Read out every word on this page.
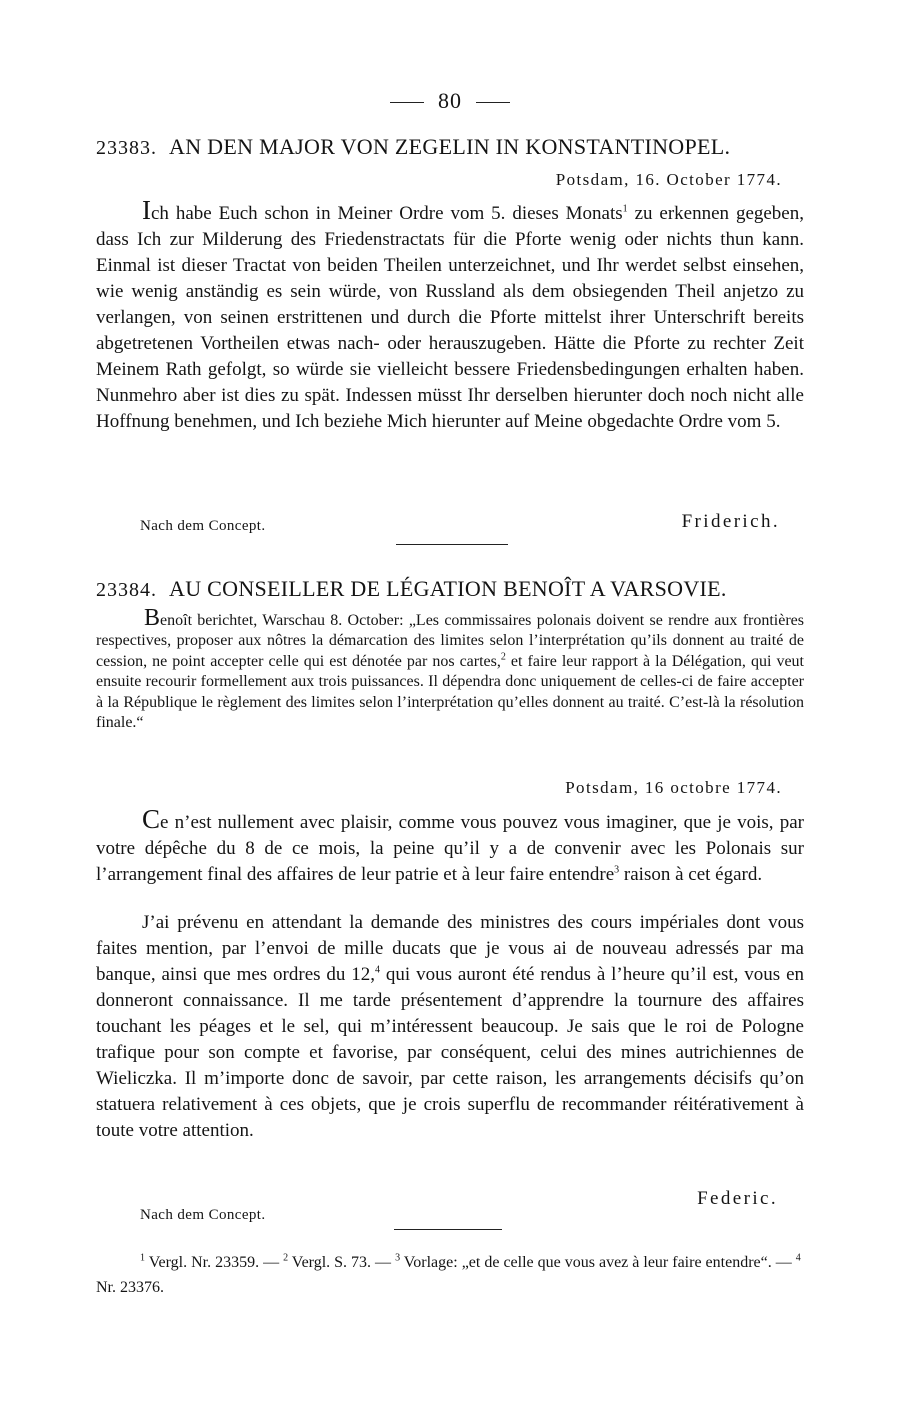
80
23383. AN DEN MAJOR VON ZEGELIN IN KONSTANTINOPEL.
Potsdam, 16. October 1774.

Ich habe Euch schon in Meiner Ordre vom 5. dieses Monats$^1$ zu erkennen gegeben, dass Ich zur Milderung des Friedenstractats für die Pforte wenig oder nichts thun kann. Einmal ist dieser Tractat von beiden Theilen unterzeichnet, und Ihr werdet selbst einsehen, wie wenig anständig es sein würde, von Russland als dem obsiegenden Theil anjetzo zu verlangen, von seinen erstrittenen und durch die Pforte mittelst ihrer Unterschrift bereits abgetretenen Vortheilen etwas nach- oder herauszugeben. Hätte die Pforte zu rechter Zeit Meinem Rath gefolgt, so würde sie vielleicht bessere Friedensbedingungen erhalten haben. Nunmehro aber ist dies zu spät. Indessen müsst Ihr derselben hierunter doch noch nicht alle Hoffnung benehmen, und Ich beziehe Mich hierunter auf Meine obgedachte Ordre vom 5.

Nach dem Concept.	Friderich.
23384. AU CONSEILLER DE LÉGATION BENOÎT A VARSOVIE.

Benoît berichtet, Warschau 8. October: „Les commissaires polonais doivent se rendre aux frontières respectives, proposer aux nôtres la démarcation des limites selon l’interprétation qu’ils donnent au traité de cession, ne point accepter celle qui est dénotée par nos cartes,$^2$ et faire leur rapport à la Délégation, qui veut ensuite recourir formellement aux trois puissances. Il dépendra donc uniquement de celles-ci de faire accepter à la République le règlement des limites selon l’interprétation qu’elles donnent au traité. C’est-là la résolution finale.“

Potsdam, 16 octobre 1774.

Ce n’est nullement avec plaisir, comme vous pouvez vous imaginer, que je vois, par votre dépêche du 8 de ce mois, la peine qu’il y a de convenir avec les Polonais sur l’arrangement final des affaires de leur patrie et à leur faire entendre$^3$ raison à cet égard.

J’ai prévenu en attendant la demande des ministres des cours impériales dont vous faites mention, par l’envoi de mille ducats que je vous ai de nouveau adressés par ma banque, ainsi que mes ordres du 12,$^4$ qui vous auront été rendus à l’heure qu’il est, vous en donneront connaissance. Il me tarde présentement d’apprendre la tournure des affaires touchant les péages et le sel, qui m’intéressent beaucoup. Je sais que le roi de Pologne trafique pour son compte et favorise, par conséquent, celui des mines autrichiennes de Wieliczka. Il m’importe donc de savoir, par cette raison, les arrangements décisifs qu’on statuera relativement à ces objets, que je crois superflu de recommander réitérativement à toute votre attention.

Federic.
Nach dem Concept.

$^1$ Vergl. Nr. 23359. — $^2$ Vergl. S. 73. — $^3$ Vorlage: „et de celle que vous avez à leur faire entendre“. — $^4$ Nr. 23376.
